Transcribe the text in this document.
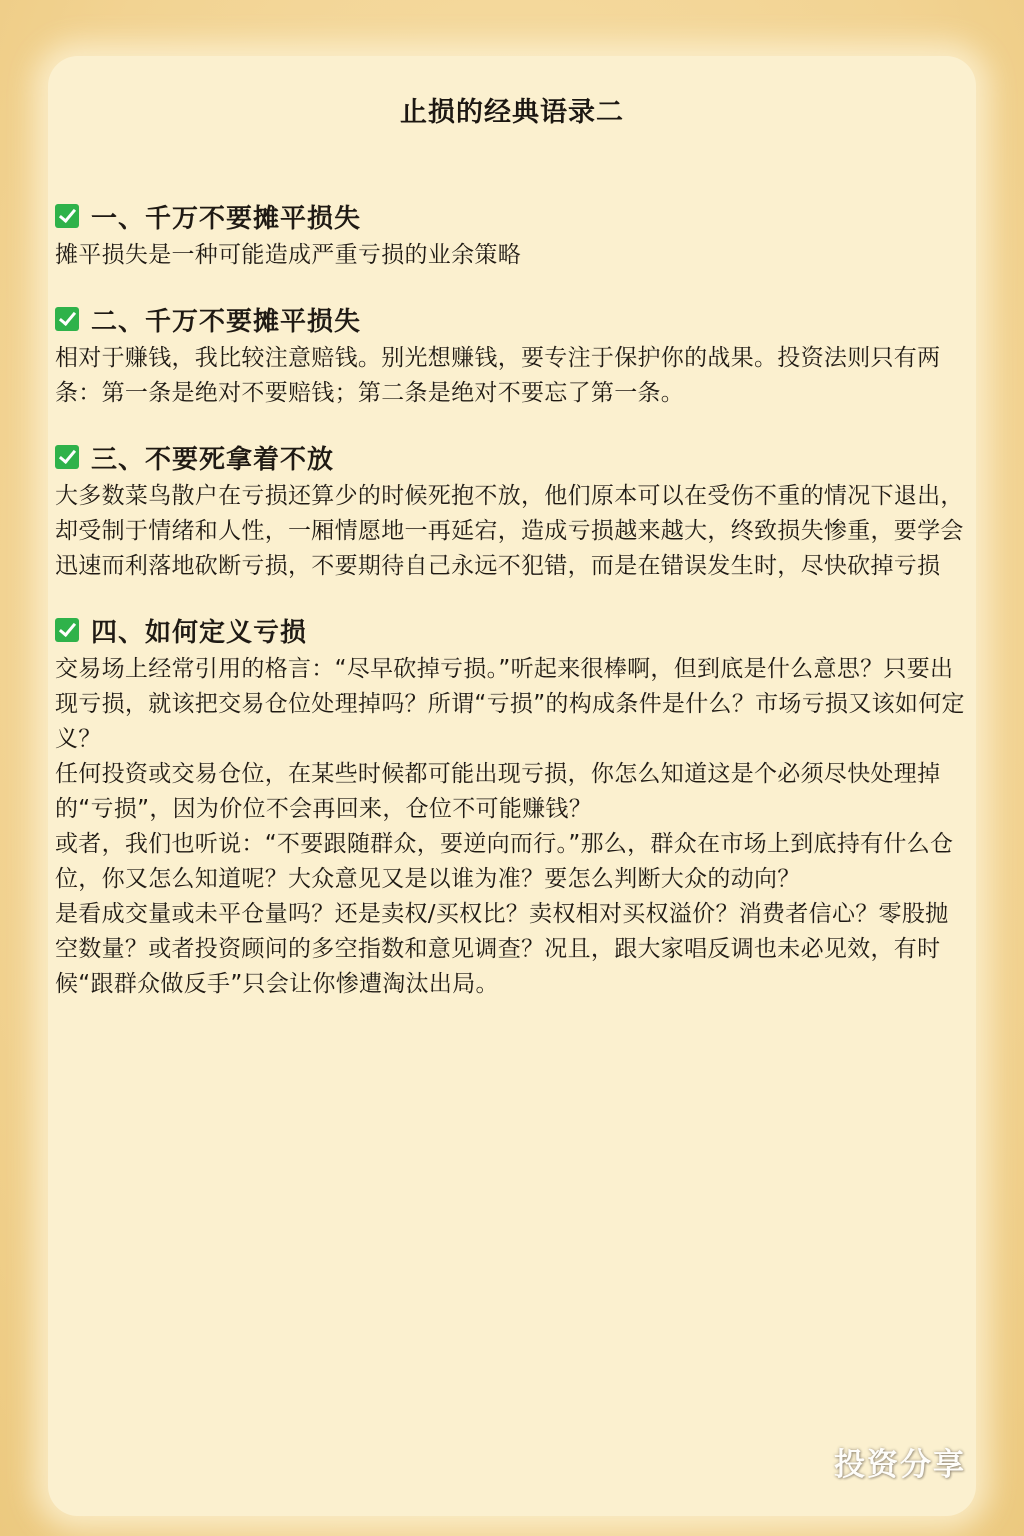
止损的经典语录二
一、千万不要摊平损失

摊平损失是一种可能造成严重亏损的业余策略

二、千万不要摊平损失

相对于赚钱，我比较注意赔钱。别光想赚钱，要专注于保护你的战果。投资法则只有两条：第一条是绝对不要赔钱；第二条是绝对不要忘了第一条。

三、不要死拿着不放

大多数菜鸟散户在亏损还算少的时候死抱不放，他们原本可以在受伤不重的情况下退出，却受制于情绪和人性，一厢情愿地一再延宕，造成亏损越来越大，终致损失惨重，要学会迅速而利落地砍断亏损，不要期待自己永远不犯错，而是在错误发生时，尽快砍掉亏损

四、如何定义亏损

交易场上经常引用的格言：“尽早砍掉亏损。”听起来很棒啊，但到底是什么意思？只要出现亏损，就该把交易仓位处理掉吗？所谓“亏损”的构成条件是什么？市场亏损又该如何定义？

任何投资或交易仓位，在某些时候都可能出现亏损，你怎么知道这是个必须尽快处理掉的“亏损”，因为价位不会再回来，仓位不可能赚钱？

或者，我们也听说：“不要跟随群众，要逆向而行。”那么，群众在市场上到底持有什么仓位，你又怎么知道呢？大众意见又是以谁为准？要怎么判断大众的动向？

是看成交量或未平仓量吗？还是卖权/买权比？卖权相对买权溢价？消费者信心？零股抛空数量？或者投资顾问的多空指数和意见调查？况且，跟大家唱反调也未必见效，有时候“跟群众做反手”只会让你惨遭淘汰出局。

投资分享
